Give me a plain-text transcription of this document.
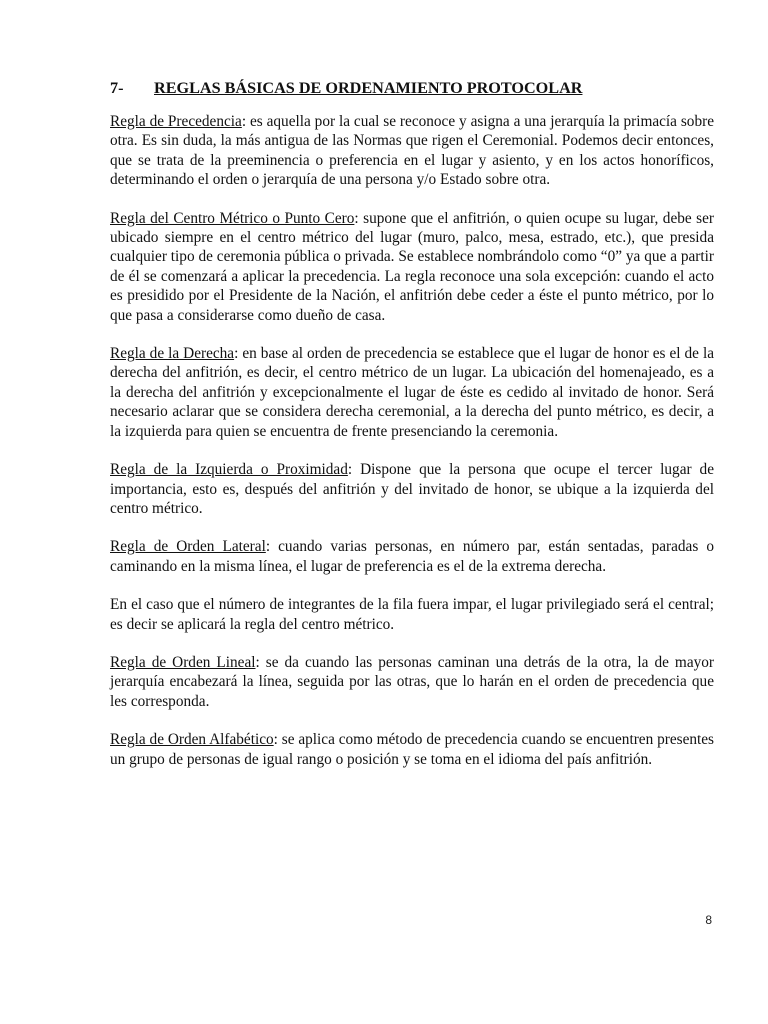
7- REGLAS BÁSICAS DE ORDENAMIENTO PROTOCOLAR

Regla de Precedencia: es aquella por la cual se reconoce y asigna a una jerarquía la primacía sobre otra. Es sin duda, la más antigua de las Normas que rigen el Ceremonial. Podemos decir entonces, que se trata de la preeminencia o preferencia en el lugar y asiento, y en los actos honoríficos, determinando el orden o jerarquía de una persona y/o Estado sobre otra.

Regla del Centro Métrico o Punto Cero: supone que el anfitrión, o quien ocupe su lugar, debe ser ubicado siempre en el centro métrico del lugar (muro, palco, mesa, estrado, etc.), que presida cualquier tipo de ceremonia pública o privada. Se establece nombrándolo como “0” ya que a partir de él se comenzará a aplicar la precedencia. La regla reconoce una sola excepción: cuando el acto es presidido por el Presidente de la Nación, el anfitrión debe ceder a éste el punto métrico, por lo que pasa a considerarse como dueño de casa.

Regla de la Derecha: en base al orden de precedencia se establece que el lugar de honor es el de la derecha del anfitrión, es decir, el centro métrico de un lugar. La ubicación del homenajeado, es a la derecha del anfitrión y excepcionalmente el lugar de éste es cedido al invitado de honor. Será necesario aclarar que se considera derecha ceremonial, a la derecha del punto métrico, es decir, a la izquierda para quien se encuentra de frente presenciando la ceremonia.

Regla de la Izquierda o Proximidad: Dispone que la persona que ocupe el tercer lugar de importancia, esto es, después del anfitrión y del invitado de honor, se ubique a la izquierda del centro métrico.

Regla de Orden Lateral: cuando varias personas, en número par, están sentadas, paradas o caminando en la misma línea, el lugar de preferencia es el de la extrema derecha.

En el caso que el número de integrantes de la fila fuera impar, el lugar privilegiado será el central; es decir se aplicará la regla del centro métrico.

Regla de Orden Lineal: se da cuando las personas caminan una detrás de la otra, la de mayor jerarquía encabezará la línea, seguida por las otras, que lo harán en el orden de precedencia que les corresponda.

Regla de Orden Alfabético: se aplica como método de precedencia cuando se encuentren presentes un grupo de personas de igual rango o posición y se toma en el idioma del país anfitrión.

8
